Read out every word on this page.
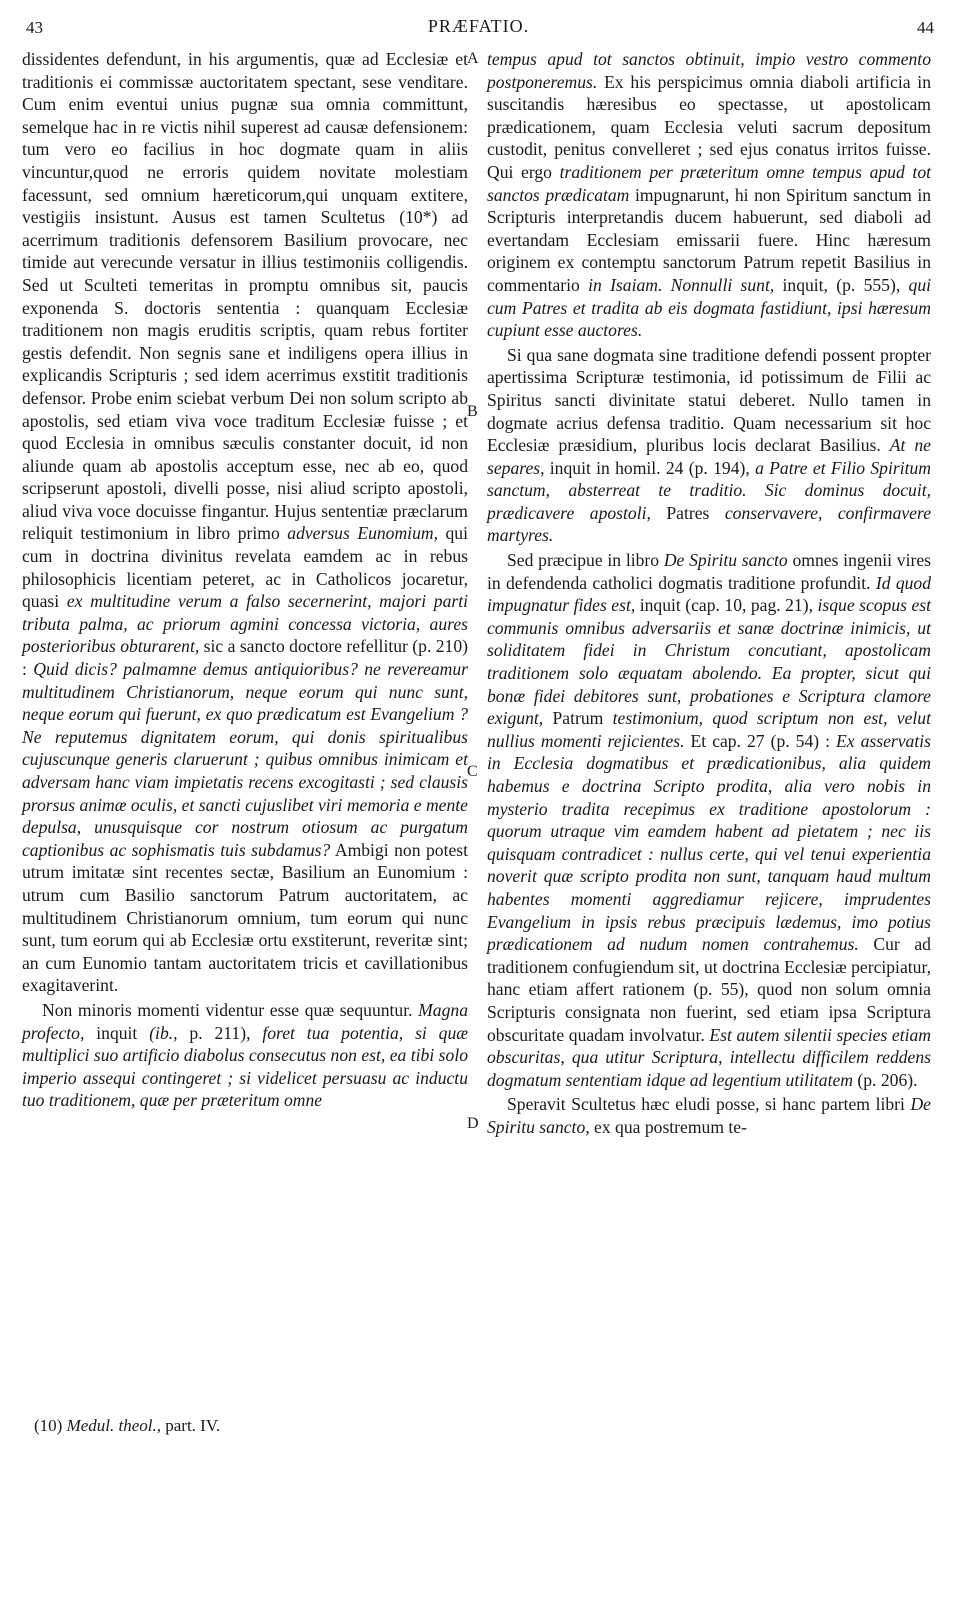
43	PRÆFATIO.	44

dissidentes defendunt, in his argumentis, quæ ad Ecclesiæ et traditionis ei commissæ auctoritatem spectant, sese venditare. Cum enim eventui unius pugnæ sua omnia committunt, semelque hac in re victis nihil superest ad causæ defensionem: tum vero eo facilius in hoc dogmate quam in aliis vincuntur,quod ne erroris quidem novitate molestiam facessunt, sed omnium hæreticorum,qui unquam extitere, vestigiis insistunt. Ausus est tamen Scultetus (10*) ad acerrimum traditionis defensorem Basilium provocare, nec timide aut verecunde versatur in illius testimoniis colligendis. Sed ut Sculteti temeritas in promptu omnibus sit, paucis exponenda S. doctoris sententia : quanquam Ecclesiæ traditionem non magis eruditis scriptis, quam rebus fortiter gestis defendit. Non segnis sane et indiligens opera illius in explicandis Scripturis ; sed idem acerrimus exstitit traditionis defensor. Probe enim sciebat verbum Dei non solum scripto ab apostolis, sed etiam viva voce traditum Ecclesiæ fuisse ; et quod Ecclesia in omnibus sæculis constanter docuit, id non aliunde quam ab apostolis acceptum esse, nec ab eo, quod scripserunt apostoli, divelli posse, nisi aliud scripto apostoli, aliud viva voce docuisse fingantur. Hujus sententiæ præclarum reliquit testimonium in libro primo adversus Eunomium, qui cum in doctrina divinitus revelata eamdem ac in rebus philosophicis licentiam peteret, ac in Catholicos jocaretur, quasi ex multitudine verum a falso secernerint, majori parti tributa palma, ac priorum agmini concessa victoria, aures posterioribus obturarent, sic a sancto doctore refellitur (p. 210) : Quid dicis? palmamne demus antiquioribus? ne revereamur multitudinem Christianorum, neque eorum qui nunc sunt, neque eorum qui fuerunt, ex quo prædicatum est Evangelium ? Ne reputemus dignitatem eorum, qui donis spiritualibus cujuscunque generis claruerunt ; quibus omnibus inimicam et adversam hanc viam impietatis recens excogitasti ; sed clausis prorsus animæ oculis, et sancti cujuslibet viri memoria e mente depulsa, unusquisque cor nostrum otiosum ac purgatum captionibus ac sophismatis tuis subdamus? Ambigi non potest utrum imitatæ sint recentes sectæ, Basilium an Eunomium : utrum cum Basilio sanctorum Patrum auctoritatem, ac multitudinem Christianorum omnium, tum eorum qui nunc sunt, tum eorum qui ab Ecclesiæ ortu exstiterunt, reveritæ sint; an cum Eunomio tantam auctoritatem tricis et cavillationibus exagitaverint.

Non minoris momenti videntur esse quæ sequuntur. Magna profecto, inquit (ib., p. 211), foret tua potentia, si quæ multiplici suo artificio diabolus consecutus non est, ea tibi solo imperio assequi contingeret ; si videlicet persuasu ac inductu tuo traditionem, quæ per præteritum omne

A
B
C
D

tempus apud tot sanctos obtinuit, impio vestro commento postponeremus. Ex his perspicimus omnia diaboli artificia in suscitandis hæresibus eo spectasse, ut apostolicam prædicationem, quam Ecclesia veluti sacrum depositum custodit, penitus convelleret ; sed ejus conatus irritos fuisse. Qui ergo traditionem per præteritum omne tempus apud tot sanctos prædicatam impugnarunt, hi non Spiritum sanctum in Scripturis interpretandis ducem habuerunt, sed diaboli ad evertandam Ecclesiam emissarii fuere. Hinc hæresum originem ex contemptu sanctorum Patrum repetit Basilius in commentario in Isaiam. Nonnulli sunt, inquit, (p. 555), qui cum Patres et tradita ab eis dogmata fastidiunt, ipsi hæresum cupiunt esse auctores.

Si qua sane dogmata sine traditione defendi possent propter apertissima Scripturæ testimonia, id potissimum de Filii ac Spiritus sancti divinitate statui deberet. Nullo tamen in dogmate acrius defensa traditio. Quam necessarium sit hoc Ecclesiæ præsidium, pluribus locis declarat Basilius. At ne separes, inquit in homil. 24 (p. 194), a Patre et Filio Spiritum sanctum, absterreat te traditio. Sic dominus docuit, prædicavere apostoli, Patres conservavere, confirmavere martyres.

Sed præcipue in libro De Spiritu sancto omnes ingenii vires in defendenda catholici dogmatis traditione profundit. Id quod impugnatur fides est, inquit (cap. 10, pag. 21), isque scopus est communis omnibus adversariis et sanæ doctrinæ inimicis, ut soliditatem fidei in Christum concutiant, apostolicam traditionem solo æquatam abolendo. Ea propter, sicut qui bonæ fidei debitores sunt, probationes e Scriptura clamore exigunt, Patrum testimonium, quod scriptum non est, velut nullius momenti rejicientes. Et cap. 27 (p. 54) : Ex asservatis in Ecclesia dogmatibus et prædicationibus, alia quidem habemus e doctrina Scripto prodita, alia vero nobis in mysterio tradita recepimus ex traditione apostolorum : quorum utraque vim eamdem habent ad pietatem ; nec iis quisquam contradicet : nullus certe, qui vel tenui experientia noverit quæ scripto prodita non sunt, tanquam haud multum habentes momenti aggrediamur rejicere, imprudentes Evangelium in ipsis rebus præcipuis lædemus, imo potius prædicationem ad nudum nomen contrahemus. Cur ad traditionem confugiendum sit, ut doctrina Ecclesiæ percipiatur, hanc etiam affert rationem (p. 55), quod non solum omnia Scripturis consignata non fuerint, sed etiam ipsa Scriptura obscuritate quadam involvatur. Est autem silentii species etiam obscuritas, qua utitur Scriptura, intellectu difficilem reddens dogmatum sententiam idque ad legentium utilitatem (p. 206).

Speravit Scultetus hæc eludi posse, si hanc partem libri De Spiritu sancto, ex qua postremum te-

(10) Medul. theol., part. IV.
